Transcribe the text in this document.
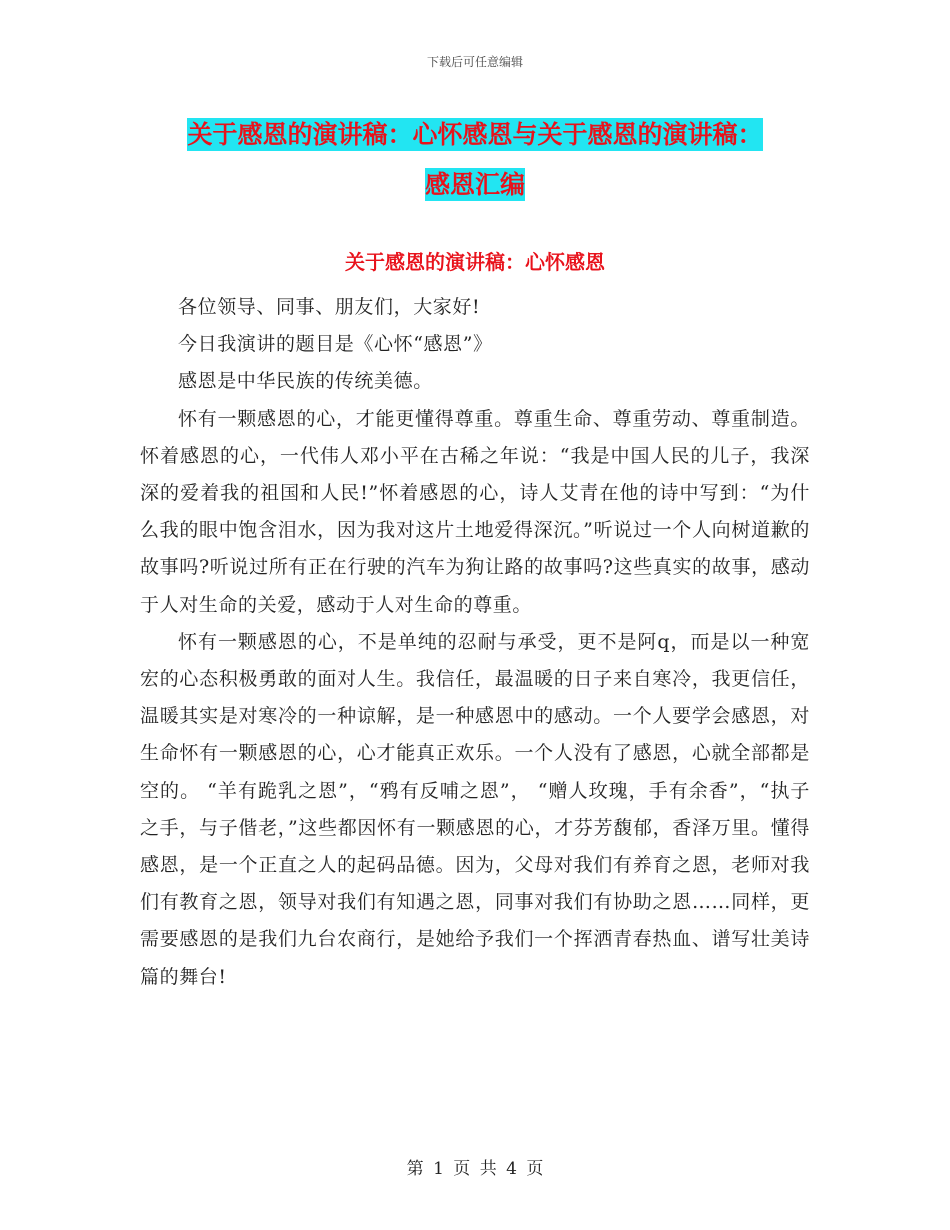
下载后可任意编辑
关于感恩的演讲稿：心怀感恩与关于感恩的演讲稿：
感恩汇编
关于感恩的演讲稿：心怀感恩

各位领导、同事、朋友们，大家好!

今日我演讲的题目是《心怀“感恩”》

感恩是中华民族的传统美德。

怀有一颗感恩的心，才能更懂得尊重。尊重生命、尊重劳动、尊重制造。怀着感恩的心，一代伟人邓小平在古稀之年说：“我是中国人民的儿子，我深深的爱着我的祖国和人民!”怀着感恩的心，诗人艾青在他的诗中写到：“为什么我的眼中饱含泪水，因为我对这片土地爱得深沉。”听说过一个人向树道歉的故事吗?听说过所有正在行驶的汽车为狗让路的故事吗?这些真实的故事，感动于人对生命的关爱，感动于人对生命的尊重。

怀有一颗感恩的心，不是单纯的忍耐与承受，更不是阿q，而是以一种宽宏的心态积极勇敢的面对人生。我信任，最温暖的日子来自寒冷，我更信任，温暖其实是对寒冷的一种谅解，是一种感恩中的感动。一个人要学会感恩，对生命怀有一颗感恩的心，心才能真正欢乐。一个人没有了感恩，心就全部都是空的。 “羊有跪乳之恩”，“鸦有反哺之恩”， “赠人玫瑰，手有余香”，“执子之手，与子偕老，”这些都因怀有一颗感恩的心，才芬芳馥郁，香泽万里。懂得感恩，是一个正直之人的起码品德。因为，父母对我们有养育之恩，老师对我们有教育之恩，领导对我们有知遇之恩，同事对我们有协助之恩……同样，更需要感恩的是我们九台农商行，是她给予我们一个挥洒青春热血、谱写壮美诗篇的舞台!

第 1 页 共 4 页
